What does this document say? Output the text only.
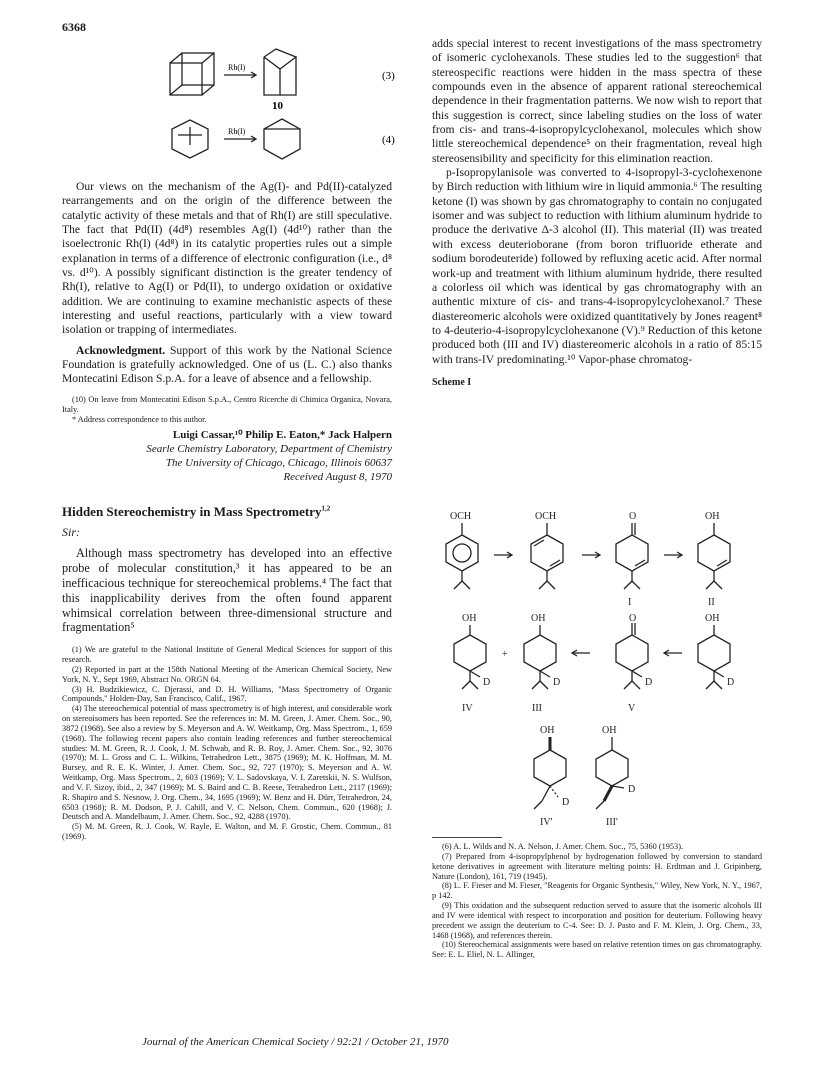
6368
Rh(I)
Rh(I)
10
(3)
(4)

Our views on the mechanism of the Ag(I)- and Pd(II)-catalyzed rearrangements and on the origin of the difference between the catalytic activity of these metals and that of Rh(I) are still speculative. The fact that Pd(II) (4d⁸) resembles Ag(I) (4d¹⁰) rather than the isoelectronic Rh(I) (4d⁸) in its catalytic properties rules out a simple explanation in terms of a difference of electronic configuration (i.e., d⁸ vs. d¹⁰). A possibly significant distinction is the greater tendency of Rh(I), relative to Ag(I) or Pd(II), to undergo oxidation or oxidative addition. We are continuing to examine mechanistic aspects of these interesting and useful reactions, particularly with a view toward isolation or trapping of intermediates.

Acknowledgment. Support of this work by the National Science Foundation is gratefully acknowledged. One of us (L. C.) also thanks Montecatini Edison S.p.A. for a leave of absence and a fellowship.

(10) On leave from Montecatini Edison S.p.A., Centro Ricerche di Chimica Organica, Novara, Italy.

* Address correspondence to this author.

Luigi Cassar,¹⁰ Philip E. Eaton,* Jack Halpern
Searle Chemistry Laboratory, Department of Chemistry
The University of Chicago, Chicago, Illinois 60637
Received August 8, 1970
Hidden Stereochemistry in Mass Spectrometry$^{1,2}$
Sir:

Although mass spectrometry has developed into an effective probe of molecular constitution,³ it has appeared to be an inefficacious technique for stereochemical problems.⁴ The fact that this inapplicability derives from the often found apparent whimsical correlation between three-dimensional structure and fragmentation⁵

(1) We are grateful to the National Institute of General Medical Sciences for support of this research.

(2) Reported in part at the 158th National Meeting of the American Chemical Society, New York, N. Y., Sept 1969, Abstract No. ORGN 64.

(3) H. Budzikiewicz, C. Djerassi, and D. H. Williams, "Mass Spectrometry of Organic Compounds," Holden-Day, San Francisco, Calif., 1967.

(4) The stereochemical potential of mass spectrometry is of high interest, and considerable work on stereoisomers has been reported. See the references in: M. M. Green, J. Amer. Chem. Soc., 90, 3872 (1968). See also a review by S. Meyerson and A. W. Weitkamp, Org. Mass Spectrom., 1, 659 (1968). The following recent papers also contain leading references and further stereochemical studies: M. M. Green, R. J. Cook, J. M. Schwab, and R. B. Roy, J. Amer. Chem. Soc., 92, 3076 (1970); M. L. Gross and C. L. Wilkins, Tetrahedron Lett., 3875 (1969); M. K. Hoffman, M. M. Bursey, and R. E. K. Winter, J. Amer. Chem. Soc., 92, 727 (1970); S. Meyerson and A. W. Weitkamp, Org. Mass Spectrom., 2, 603 (1969); V. L. Sadovskaya, V. I. Zaretskii, N. S. Wulfson, and V. F. Sizoy, ibid., 2, 347 (1969); M. S. Baird and C. B. Reese, Tetrahedron Lett., 2117 (1969); R. Shapiro and S. Nesnow, J. Org. Chem., 34, 1695 (1969); W. Benz and H. Dürr, Tetrahedron, 24, 6503 (1968); R. M. Dodson, P. J. Cahill, and V. C. Nelson, Chem. Commun., 620 (1968); J. Deutsch and A. Mandelbaum, J. Amer. Chem. Soc., 92, 4288 (1970).

(5) M. M. Green, R. J. Cook, W. Rayle, E. Walton, and M. F. Grostic, Chem. Commun., 81 (1969).

adds special interest to recent investigations of the mass spectrometry of isomeric cyclohexanols. These studies led to the suggestion⁶ that stereospecific reactions were hidden in the mass spectra of these compounds even in the absence of apparent rational stereochemical dependence in their fragmentation patterns. We now wish to report that this suggestion is correct, since labeling studies on the loss of water from cis- and trans-4-isopropylcyclohexanol, molecules which show little stereochemical dependence⁵ on their fragmentation, reveal high stereosensibility and specificity for this elimination reaction.

p-Isopropylanisole was converted to 4-isopropyl-3-cyclohexenone by Birch reduction with lithium wire in liquid ammonia.⁶ The resulting ketone (I) was shown by gas chromatography to contain no conjugated isomer and was subject to reduction with lithium aluminum hydride to produce the derivative Δ-3 alcohol (II). This material (II) was treated with excess deuterioborane (from boron trifluoride etherate and sodium borodeuteride) followed by refluxing acetic acid. After normal work-up and treatment with lithium aluminum hydride, there resulted a colorless oil which was identical by gas chromatography with an authentic mixture of cis- and trans-4-isopropylcyclohexanol.⁷ These diastereomeric alcohols were oxidized quantitatively by Jones reagent⁸ to 4-deuterio-4-isopropylcyclohexanone (V).⁹ Reduction of this ketone produced both (III and IV) diastereomeric alcohols in a ratio of 85:15 with trans-IV predominating.¹⁰ Vapor-phase chromatog-

Scheme I
OCH	OCH	O	OH
I	II
OH	OH	O	OH
+
D	D	D	D
IV	III	V
OH	OH
D
D
IV'	III'

(6) A. L. Wilds and N. A. Nelson, J. Amer. Chem. Soc., 75, 5360 (1953).

(7) Prepared from 4-isopropylphenol by hydrogenation followed by conversion to standard ketone derivatives in agreement with literature melting points: H. Erdtman and J. Gripinberg, Nature (London), 161, 719 (1945).

(8) L. F. Fieser and M. Fieser, "Reagents for Organic Synthesis," Wiley, New York, N. Y., 1967, p 142.

(9) This oxidation and the subsequent reduction served to assure that the isomeric alcohols III and IV were identical with respect to incorporation and position for deuterium. Following heavy precedent we assign the deuterium to C-4. See: D. J. Pasto and F. M. Klein, J. Org. Chem., 33, 1468 (1968), and references therein.

(10) Stereochemical assignments were based on relative retention times on gas chromatography. See: E. L. Eliel, N. L. Allinger,

Journal of the American Chemical Society / 92:21 / October 21, 1970
